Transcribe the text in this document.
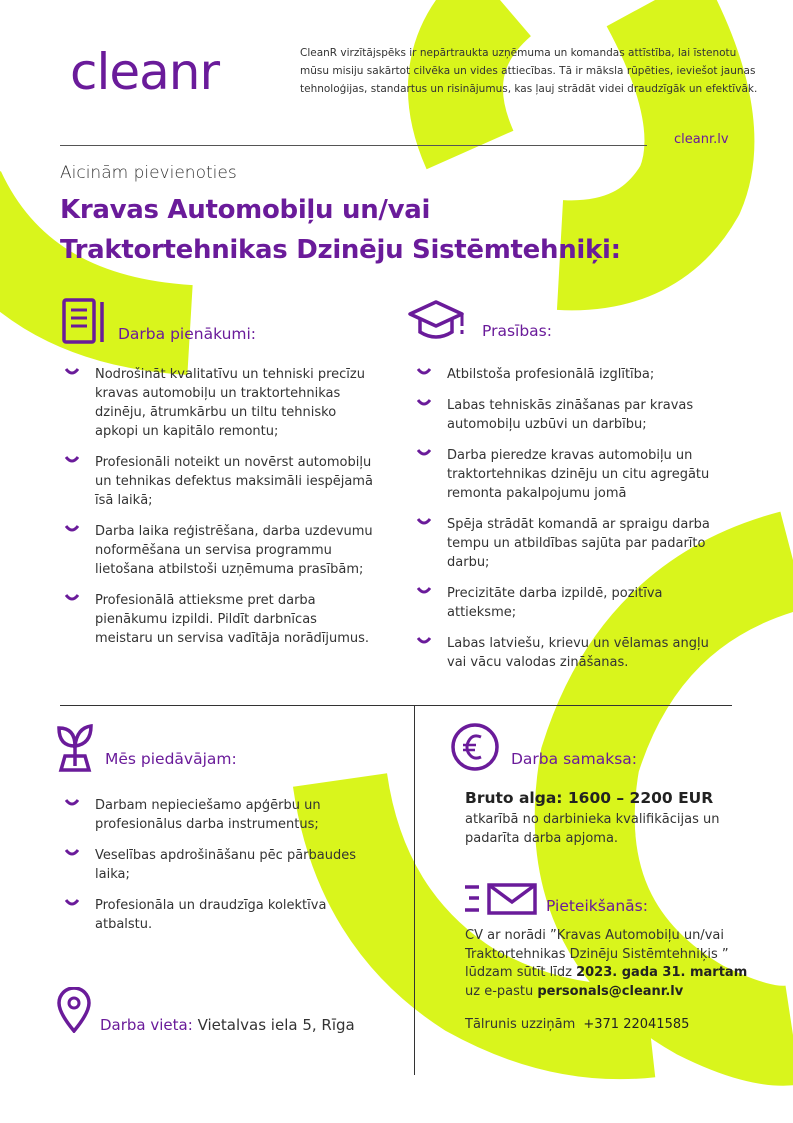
cleanr	CleanR virzītājspēks ir nepārtraukta uzņēmuma un komandas attīstība, lai īstenotu mūsu misiju sakārtot cilvēka un vides attiecības. Tā ir māksla rūpēties, ieviešot jaunas tehnoloģijas, standartus un risinājumus, kas ļauj strādāt videi draudzīgāk un efektīvāk.
cleanr.lv
Aicinām pievienoties
Kravas Automobiļu un/vai
Traktortehnikas Dzinēju Sistēmtehniķi:
Darba pienākumi:
Nodrošināt kvalitatīvu un tehniski precīzu kravas automobiļu un traktortehnikas dzinēju, ātrumkārbu un tiltu tehnisko apkopi un kapitālo remontu;
Profesionāli noteikt un novērst automobiļu un tehnikas defektus maksimāli iespējamā īsā laikā;
Darba laika reģistrēšana, darba uzdevumu noformēšana un servisa programmu lietošana atbilstoši uzņēmuma prasībām;
Profesionālā attieksme pret darba pienākumu izpildi. Pildīt darbnīcas meistaru un servisa vadītāja norādījumus.
Prasības:
Atbilstoša profesionālā izglītība;
Labas tehniskās zināšanas par kravas automobiļu uzbūvi un darbību;
Darba pieredze kravas automobiļu un traktortehnikas dzinēju un citu agregātu remonta pakalpojumu jomā
Spēja strādāt komandā ar spraigu darba tempu un atbildības sajūta par padarīto darbu;
Precizitāte darba izpildē, pozitīva attieksme;
Labas latviešu, krievu un vēlamas angļu vai vācu valodas zināšanas.
Mēs piedāvājam:
Darbam nepieciešamo apģērbu un profesionālus darba instrumentus;
Veselības apdrošināšanu pēc pārbaudes laika;
Profesionāla un draudzīga kolektīva atbalstu.
Darba vieta: Vietalvas iela 5, Rīga
Darba samaksa:
Bruto alga: 1600 – 2200 EUR
atkarībā no darbinieka kvalifikācijas un padarīta darba apjoma.
Pieteikšanās:
CV ar norādi ”Kravas Automobiļu un/vai Traktortehnikas Dzinēju Sistēmtehniķis ” lūdzam sūtīt līdz 2023. gada 31. martam uz e-pastu personals@cleanr.lv
Tālrunis uzziņām +371 22041585
